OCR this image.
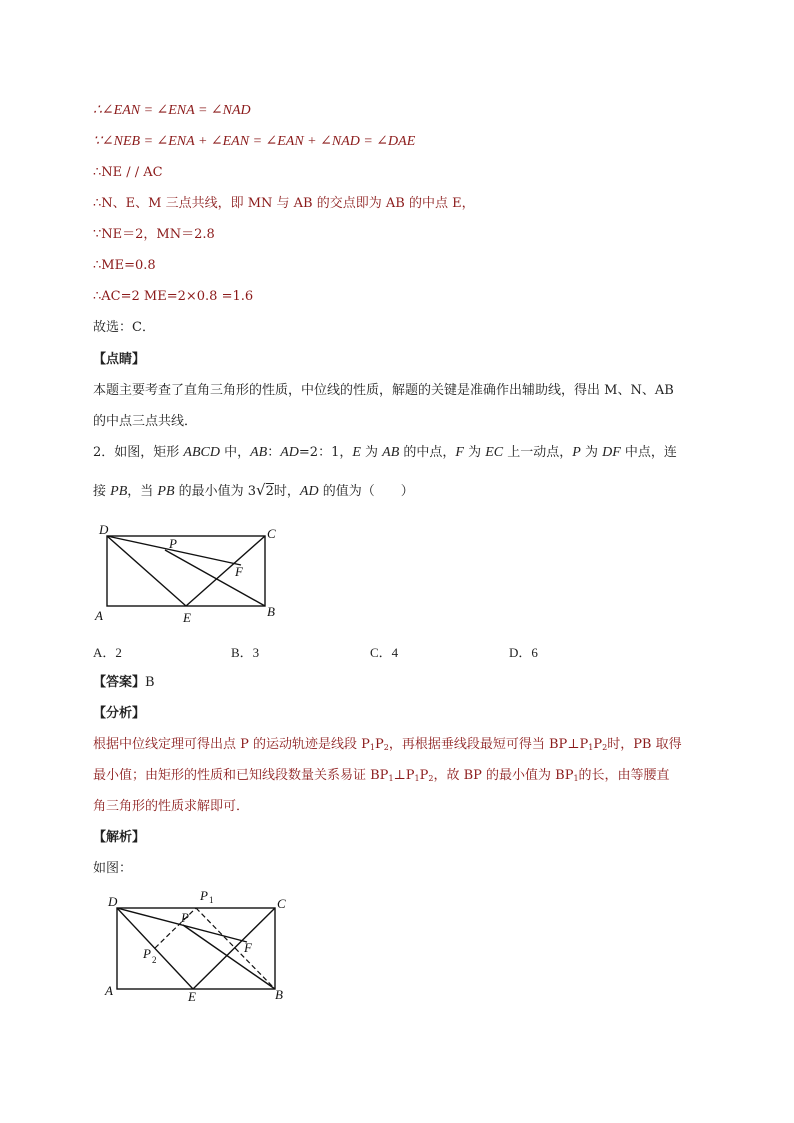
∴∠EAN = ∠ENA = ∠NAD
∵∠NEB = ∠ENA + ∠EAN = ∠EAN + ∠NAD = ∠DAE
∴NE / / AC
∴N、E、M 三点共线，即 MN 与 AB 的交点即为 AB 的中点 E，
∵NE＝2，MN＝2.8
∴ME=0.8
∴AC=2 ME=2×0.8 =1.6
故选：C．
【点睛】
本题主要考查了直角三角形的性质，中位线的性质，解题的关键是准确作出辅助线，得出 M、N、AB
的中点三点共线．
2．如图，矩形 ABCD 中，AB：AD=2：1，E 为 AB 的中点，F 为 EC 上一动点，P 为 DF 中点，连
接 PB，当 PB 的最小值为 3√2时，AD 的值为（　　）
D	C
P
F
A	E	B
A．2	B．3	C．4	D．6
【答案】B
【分析】
根据中位线定理可得出点 P 的运动轨迹是线段 $P_1P_2$，再根据垂线段最短可得当 $BP\perp P_1P_2$时，PB 取得
最小值；由矩形的性质和已知线段数量关系易证 $BP_1\perp P_1P_2$，故 BP 的最小值为 $BP_1$的长，由等腰直
角三角形的性质求解即可．
【解析】
如图：
D	C
P 1
P
P 2
F
A	E	B
